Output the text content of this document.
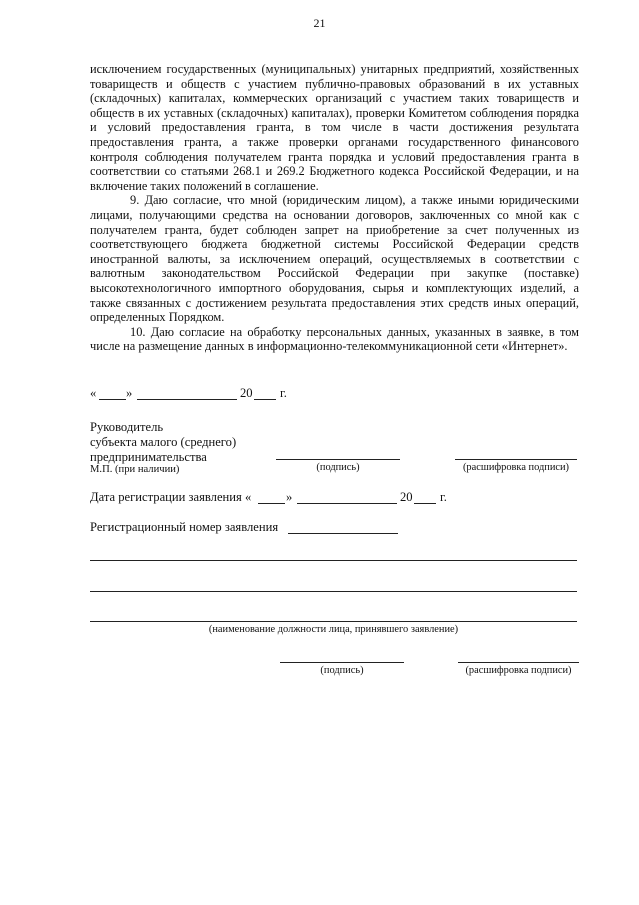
21

исключением государственных (муниципальных) унитарных предприятий, хозяйственных товариществ и обществ с участием публично-правовых образований в их уставных (складочных) капиталах, коммерческих организаций с участием таких товариществ и обществ в их уставных (складочных) капиталах), проверки Комитетом соблюдения порядка и условий предоставления гранта, в том числе в части достижения результата предоставления гранта, а также проверки органами государственного финансового контроля соблюдения получателем гранта порядка и условий предоставления гранта в соответствии со статьями 268.1 и 269.2 Бюджетного кодекса Российской Федерации, и на включение таких положений в соглашение.

9. Даю согласие, что мной (юридическим лицом), а также иными юридическими лицами, получающими средства на основании договоров, заключенных со мной как с получателем гранта, будет соблюден запрет на приобретение за счет полученных из соответствующего бюджета бюджетной системы Российской Федерации средств иностранной валюты, за исключением операций, осуществляемых в соответствии с валютным законодательством Российской Федерации при закупке (поставке) высокотехнологичного импортного оборудования, сырья и комплектующих изделий, а также связанных с достижением результата предоставления этих средств иных операций, определенных Порядком.

10. Даю согласие на обработку персональных данных, указанных в заявке, в том числе на размещение данных в информационно-телекоммуникационной сети «Интернет».

« »	20 г.
Руководитель
субъекта малого (среднего)
предпринимательства
М.П. (при наличии)	(подпись)	(расшифровка подписи)
Дата регистрации заявления «	»	20 г.
Регистрационный номер заявления
(наименование должности лица, принявшего заявление)
(подпись)	(расшифровка подписи)
